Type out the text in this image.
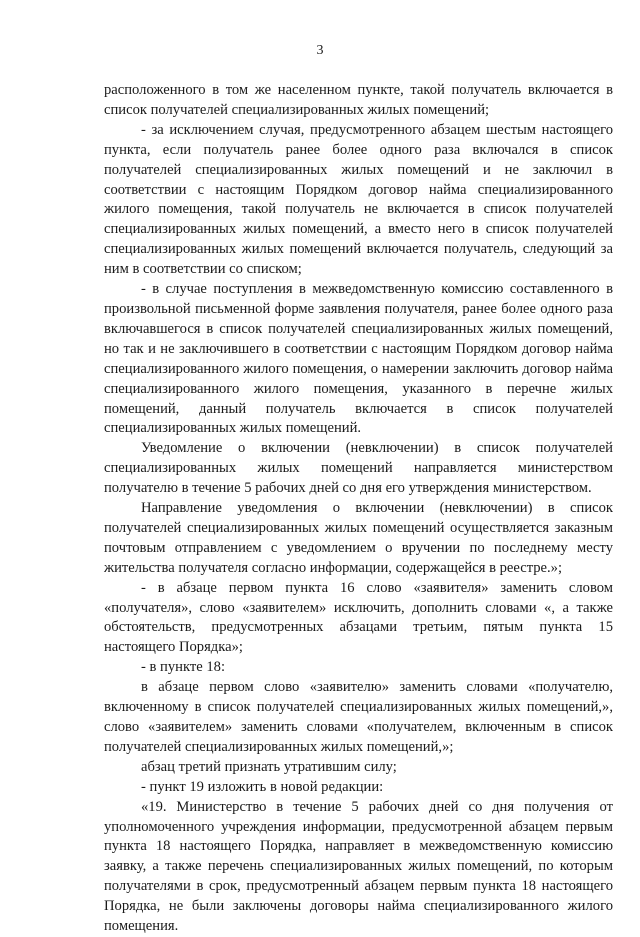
3

расположенного в том же населенном пункте, такой получатель включается в список получателей специализированных жилых помещений;

- за исключением случая, предусмотренного абзацем шестым настоящего пункта, если получатель ранее более одного раза включался в список получателей специализированных жилых помещений и не заключил в соответствии с настоящим Порядком договор найма специализированного жилого помещения, такой получатель не включается в список получателей специализированных жилых помещений, а вместо него в список получателей специализированных жилых помещений включается получатель, следующий за ним в соответствии со списком;

- в случае поступления в межведомственную комиссию составленного в произвольной письменной форме заявления получателя, ранее более одного раза включавшегося в список получателей специализированных жилых помещений, но так и не заключившего в соответствии с настоящим Порядком договор найма специализированного жилого помещения, о намерении заключить договор найма специализированного жилого помещения, указанного в перечне жилых помещений, данный получатель включается в список получателей специализированных жилых помещений.

Уведомление о включении (невключении) в список получателей специализированных жилых помещений направляется министерством получателю в течение 5 рабочих дней со дня его утверждения министерством.

Направление уведомления о включении (невключении) в список получателей специализированных жилых помещений осуществляется заказным почтовым отправлением с уведомлением о вручении по последнему месту жительства получателя согласно информации, содержащейся в реестре.»;

- в абзаце первом пункта 16 слово «заявителя» заменить словом «получателя», слово «заявителем» исключить, дополнить словами «, а также обстоятельств, предусмотренных абзацами третьим, пятым пункта 15 настоящего Порядка»;

- в пункте 18:

в абзаце первом слово «заявителю» заменить словами «получателю, включенному в список получателей специализированных жилых помещений,», слово «заявителем» заменить словами «получателем, включенным в список получателей специализированных жилых помещений,»;

абзац третий признать утратившим силу;

- пункт 19 изложить в новой редакции:

«19. Министерство в течение 5 рабочих дней со дня получения от уполномоченного учреждения информации, предусмотренной абзацем первым пункта 18 настоящего Порядка, направляет в межведомственную комиссию заявку, а также перечень специализированных жилых помещений, по которым получателями в срок, предусмотренный абзацем первым пункта 18 настоящего Порядка, не были заключены договоры найма специализированного жилого помещения.
